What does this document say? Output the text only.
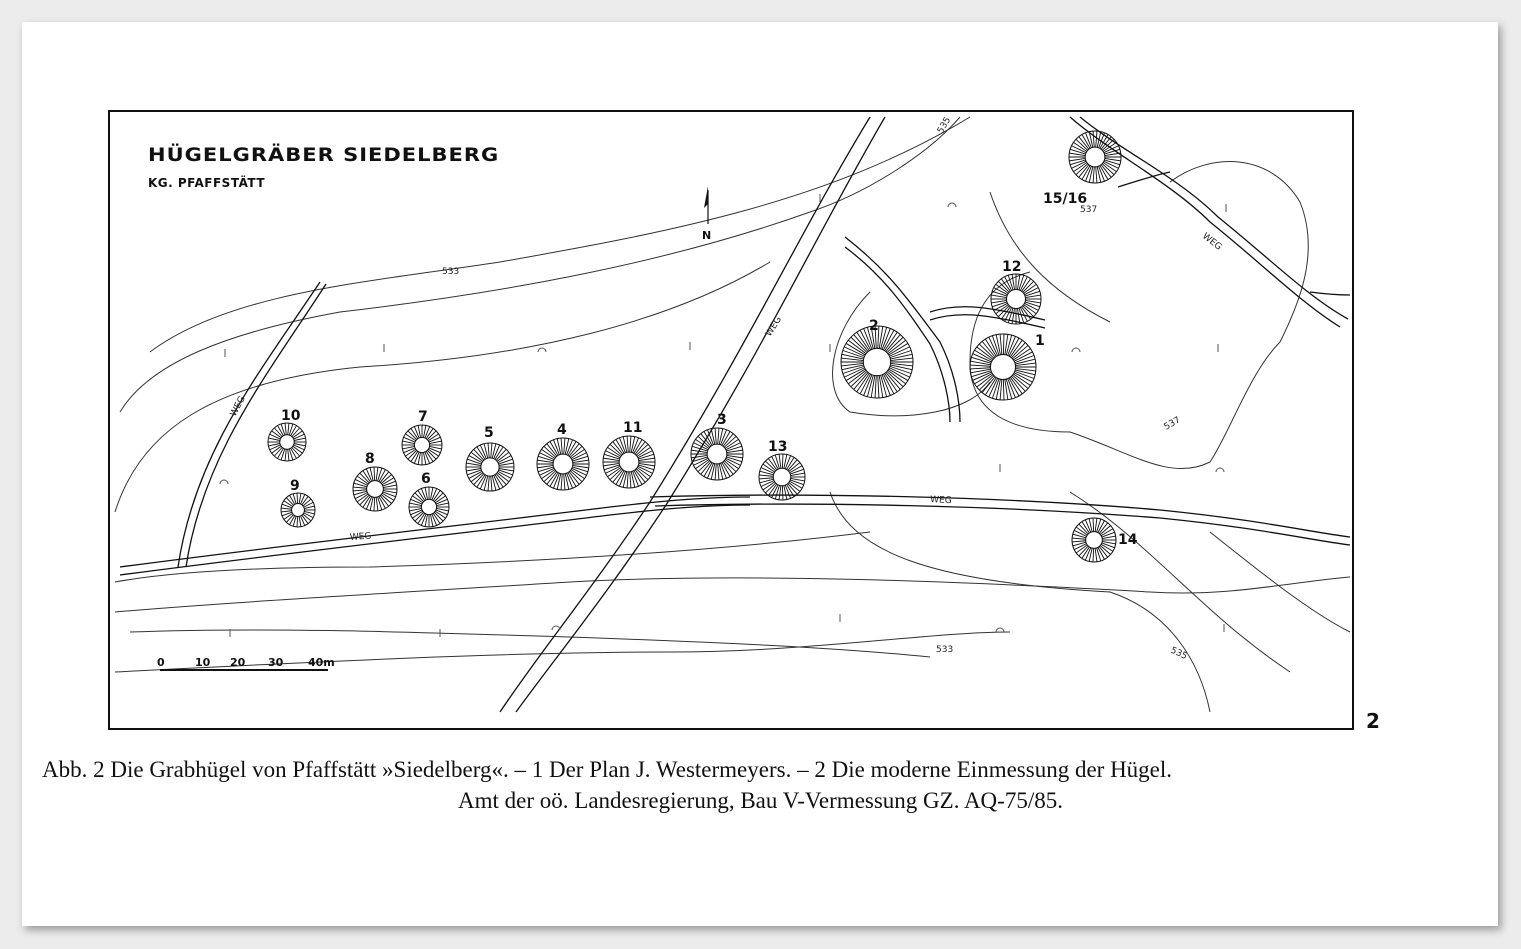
WEG
WEG
WEG
WEG
WEG
533
533
535
535
537
537
N
0	10 20 30 40m
1
2
3
4
5
6
7
8
9
10
11
12
13
14
15/16
HÜGELGRÄBER SIEDELBERG
KG. PFAFFSTÄTT
2
Abb. 2 Die Grabhügel von Pfaffstätt »Siedelberg«. – 1 Der Plan J. Westermeyers. – 2 Die moderne Einmessung der Hügel.
Amt der oö. Landesregierung, Bau V-Vermessung GZ. AQ-75/85.
